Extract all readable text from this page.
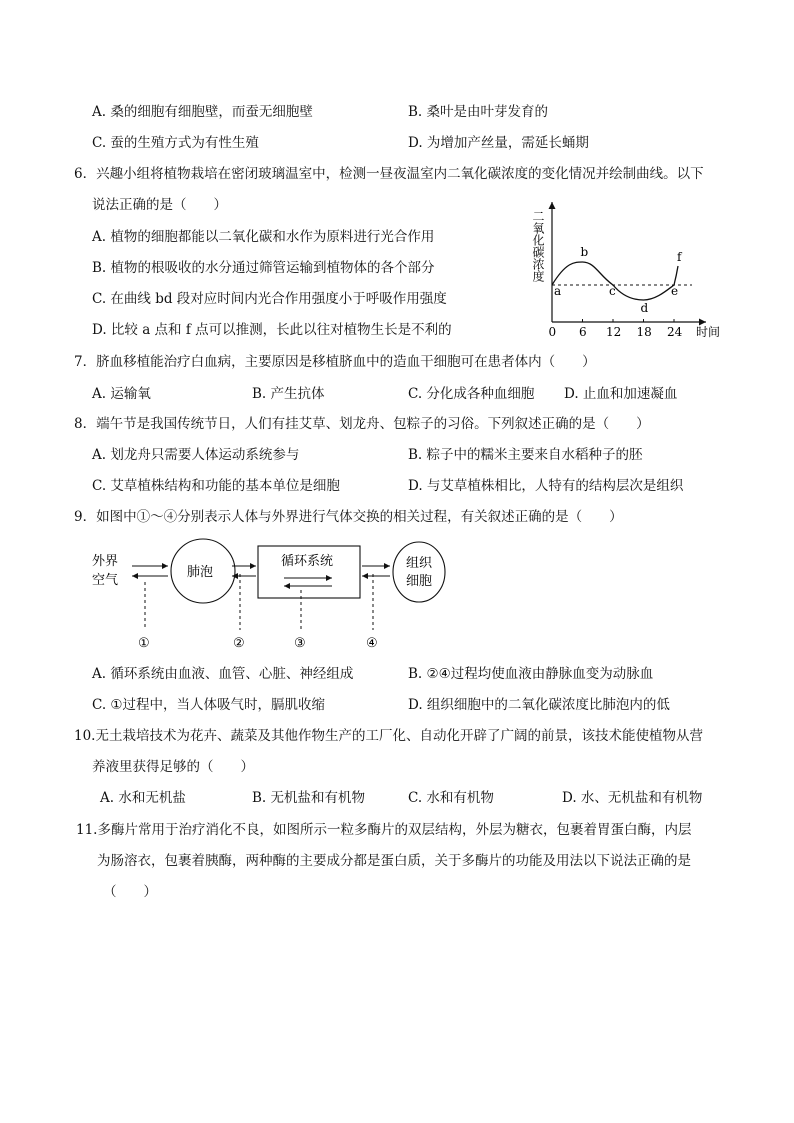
A. 桑的细胞有细胞壁，而蚕无细胞壁	B. 桑叶是由叶芽发育的
C. 蚕的生殖方式为有性生殖	D. 为增加产丝量，需延长蛹期
6．兴趣小组将植物栽培在密闭玻璃温室中，检测一昼夜温室内二氧化碳浓度的变化情况并绘制曲线。以下
说法正确的是（　　）
A. 植物的细胞都能以二氧化碳和水作为原料进行光合作用
B. 植物的根吸收的水分通过筛管运输到植物体的各个部分
C. 在曲线 bd 段对应时间内光合作用强度小于呼吸作用强度
D. 比较 a 点和 f 点可以推测，长此以往对植物生长是不利的
二氧化碳浓度
时间
0 6 12 18 24
a
b
c
d
e
f
7．脐血移植能治疗白血病，主要原因是移植脐血中的造血干细胞可在患者体内（　　）
A. 运输氧	B. 产生抗体	C. 分化成各种血细胞 D. 止血和加速凝血
8．端午节是我国传统节日，人们有挂艾草、划龙舟、包粽子的习俗。下列叙述正确的是（　　）
A. 划龙舟只需要人体运动系统参与	B. 粽子中的糯米主要来自水稻种子的胚
C. 艾草植株结构和功能的基本单位是细胞	D. 与艾草植株相比，人特有的结构层次是组织
9．如图中①～④分别表示人体与外界进行气体交换的相关过程，有关叙述正确的是（　　）
外界
空气
肺泡
循环系统	组织
细胞
①	②	③	④
A. 循环系统由血液、血管、心脏、神经组成	B. ②④过程均使血液由静脉血变为动脉血
C. ①过程中，当人体吸气时，膈肌收缩	D. 组织细胞中的二氧化碳浓度比肺泡内的低
10.无土栽培技术为花卉、蔬菜及其他作物生产的工厂化、自动化开辟了广阔的前景，该技术能使植物从营
养液里获得足够的（　　）
A. 水和无机盐	B. 无机盐和有机物	C. 水和有机物	D. 水、无机盐和有机物
11.多酶片常用于治疗消化不良，如图所示一粒多酶片的双层结构，外层为糖衣，包裹着胃蛋白酶，内层
为肠溶衣，包裹着胰酶，两种酶的主要成分都是蛋白质，关于多酶片的功能及用法以下说法正确的是
（　　）
